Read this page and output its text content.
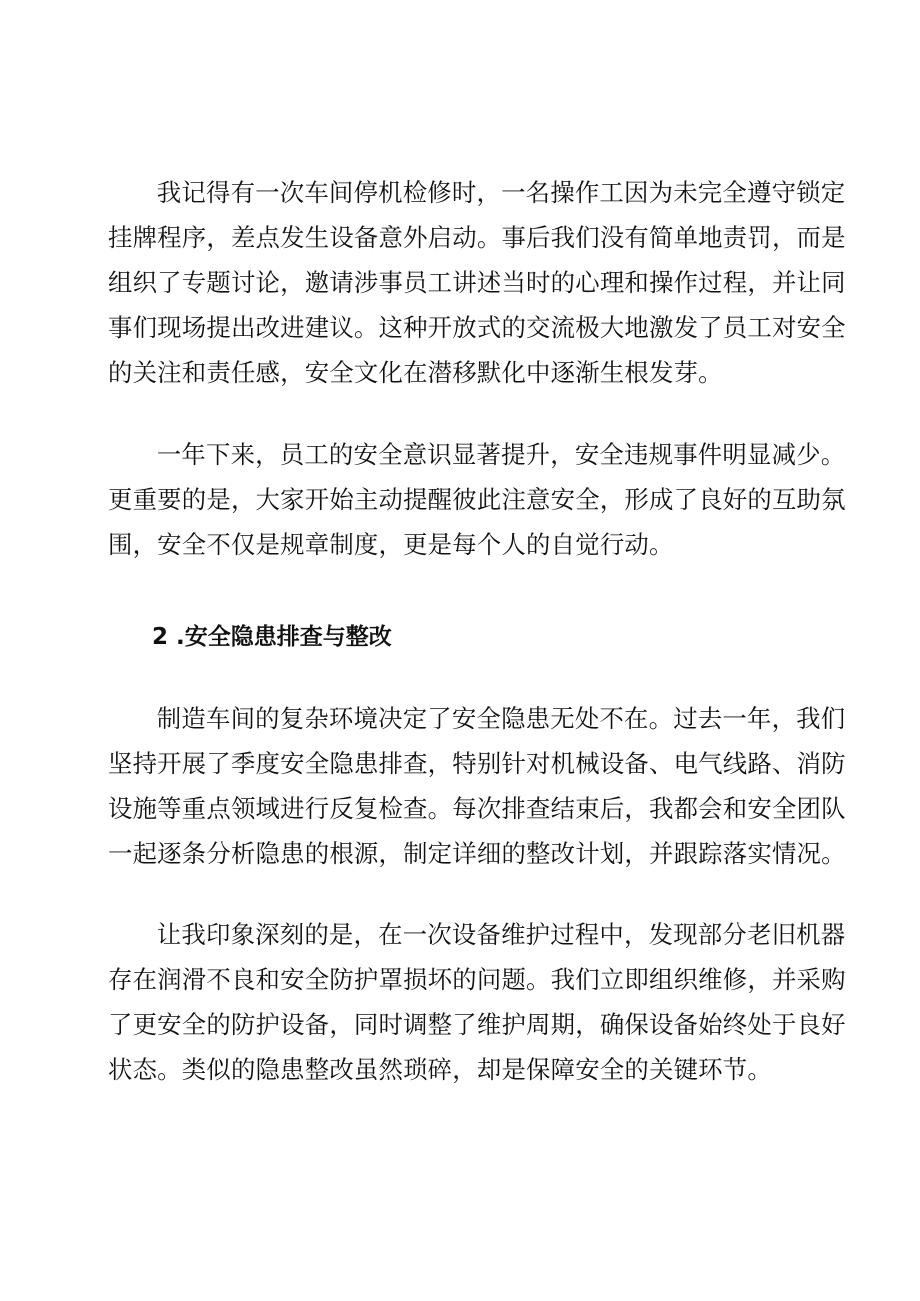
我记得有一次车间停机检修时，一名操作工因为未完全遵守锁定
挂牌程序，差点发生设备意外启动。事后我们没有简单地责罚，而是
组织了专题讨论，邀请涉事员工讲述当时的心理和操作过程，并让同
事们现场提出改进建议。这种开放式的交流极大地激发了员工对安全
的关注和责任感，安全文化在潜移默化中逐渐生根发芽。

一年下来，员工的安全意识显著提升，安全违规事件明显减少。
更重要的是，大家开始主动提醒彼此注意安全，形成了良好的互助氛
围，安全不仅是规章制度，更是每个人的自觉行动。

2 .安全隐患排查与整改

制造车间的复杂环境决定了安全隐患无处不在。过去一年，我们
坚持开展了季度安全隐患排查，特别针对机械设备、电气线路、消防
设施等重点领域进行反复检查。每次排查结束后，我都会和安全团队
一起逐条分析隐患的根源，制定详细的整改计划，并跟踪落实情况。

让我印象深刻的是，在一次设备维护过程中，发现部分老旧机器
存在润滑不良和安全防护罩损坏的问题。我们立即组织维修，并采购
了更安全的防护设备，同时调整了维护周期，确保设备始终处于良好
状态。类似的隐患整改虽然琐碎，却是保障安全的关键环节。
